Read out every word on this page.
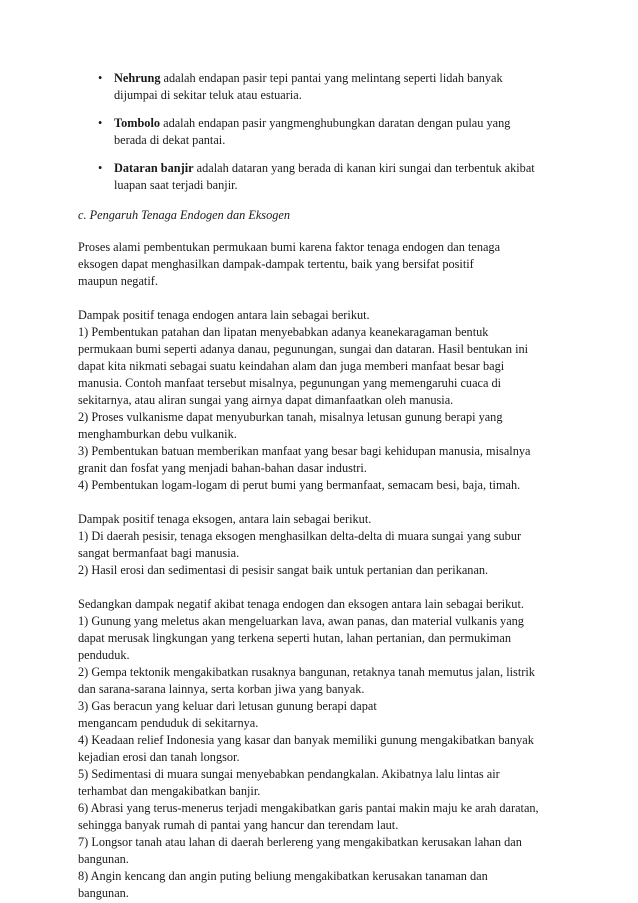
• Nehrung adalah endapan pasir tepi pantai yang melintang seperti lidah banyak
dijumpai di sekitar teluk atau estuaria.
• Tombolo adalah endapan pasir yangmenghubungkan daratan dengan pulau yang
berada di dekat pantai.
• Dataran banjir adalah dataran yang berada di kanan kiri sungai dan terbentuk akibat
luapan saat terjadi banjir.
c. Pengaruh Tenaga Endogen dan Eksogen
Proses alami pembentukan permukaan bumi karena faktor tenaga endogen dan tenaga
eksogen dapat menghasilkan dampak-dampak tertentu, baik yang bersifat positif
maupun negatif.
Dampak positif tenaga endogen antara lain sebagai berikut.
1) Pembentukan patahan dan lipatan menyebabkan adanya keanekaragaman bentuk
permukaan bumi seperti adanya danau, pegunungan, sungai dan dataran. Hasil bentukan ini
dapat kita nikmati sebagai suatu keindahan alam dan juga memberi manfaat besar bagi
manusia. Contoh manfaat tersebut misalnya, pegunungan yang memengaruhi cuaca di
sekitarnya, atau aliran sungai yang airnya dapat dimanfaatkan oleh manusia.
2) Proses vulkanisme dapat menyuburkan tanah, misalnya letusan gunung berapi yang
menghamburkan debu vulkanik.
3) Pembentukan batuan memberikan manfaat yang besar bagi kehidupan manusia, misalnya
granit dan fosfat yang menjadi bahan-bahan dasar industri.
4) Pembentukan logam-logam di perut bumi yang bermanfaat, semacam besi, baja, timah.
Dampak positif tenaga eksogen, antara lain sebagai berikut.
1) Di daerah pesisir, tenaga eksogen menghasilkan delta-delta di muara sungai yang subur
sangat bermanfaat bagi manusia.
2) Hasil erosi dan sedimentasi di pesisir sangat baik untuk pertanian dan perikanan.
Sedangkan dampak negatif akibat tenaga endogen dan eksogen antara lain sebagai berikut.
1) Gunung yang meletus akan mengeluarkan lava, awan panas, dan material vulkanis yang
dapat merusak lingkungan yang terkena seperti hutan, lahan pertanian, dan permukiman
penduduk.
2) Gempa tektonik mengakibatkan rusaknya bangunan, retaknya tanah memutus jalan, listrik
dan sarana-sarana lainnya, serta korban jiwa yang banyak.
3) Gas beracun yang keluar dari letusan gunung berapi dapat
mengancam penduduk di sekitarnya.
4) Keadaan relief Indonesia yang kasar dan banyak memiliki gunung mengakibatkan banyak
kejadian erosi dan tanah longsor.
5) Sedimentasi di muara sungai menyebabkan pendangkalan. Akibatnya lalu lintas air
terhambat dan mengakibatkan banjir.
6) Abrasi yang terus-menerus terjadi mengakibatkan garis pantai makin maju ke arah daratan,
sehingga banyak rumah di pantai yang hancur dan terendam laut.
7) Longsor tanah atau lahan di daerah berlereng yang mengakibatkan kerusakan lahan dan
bangunan.
8) Angin kencang dan angin puting beliung mengakibatkan kerusakan tanaman dan
bangunan.
